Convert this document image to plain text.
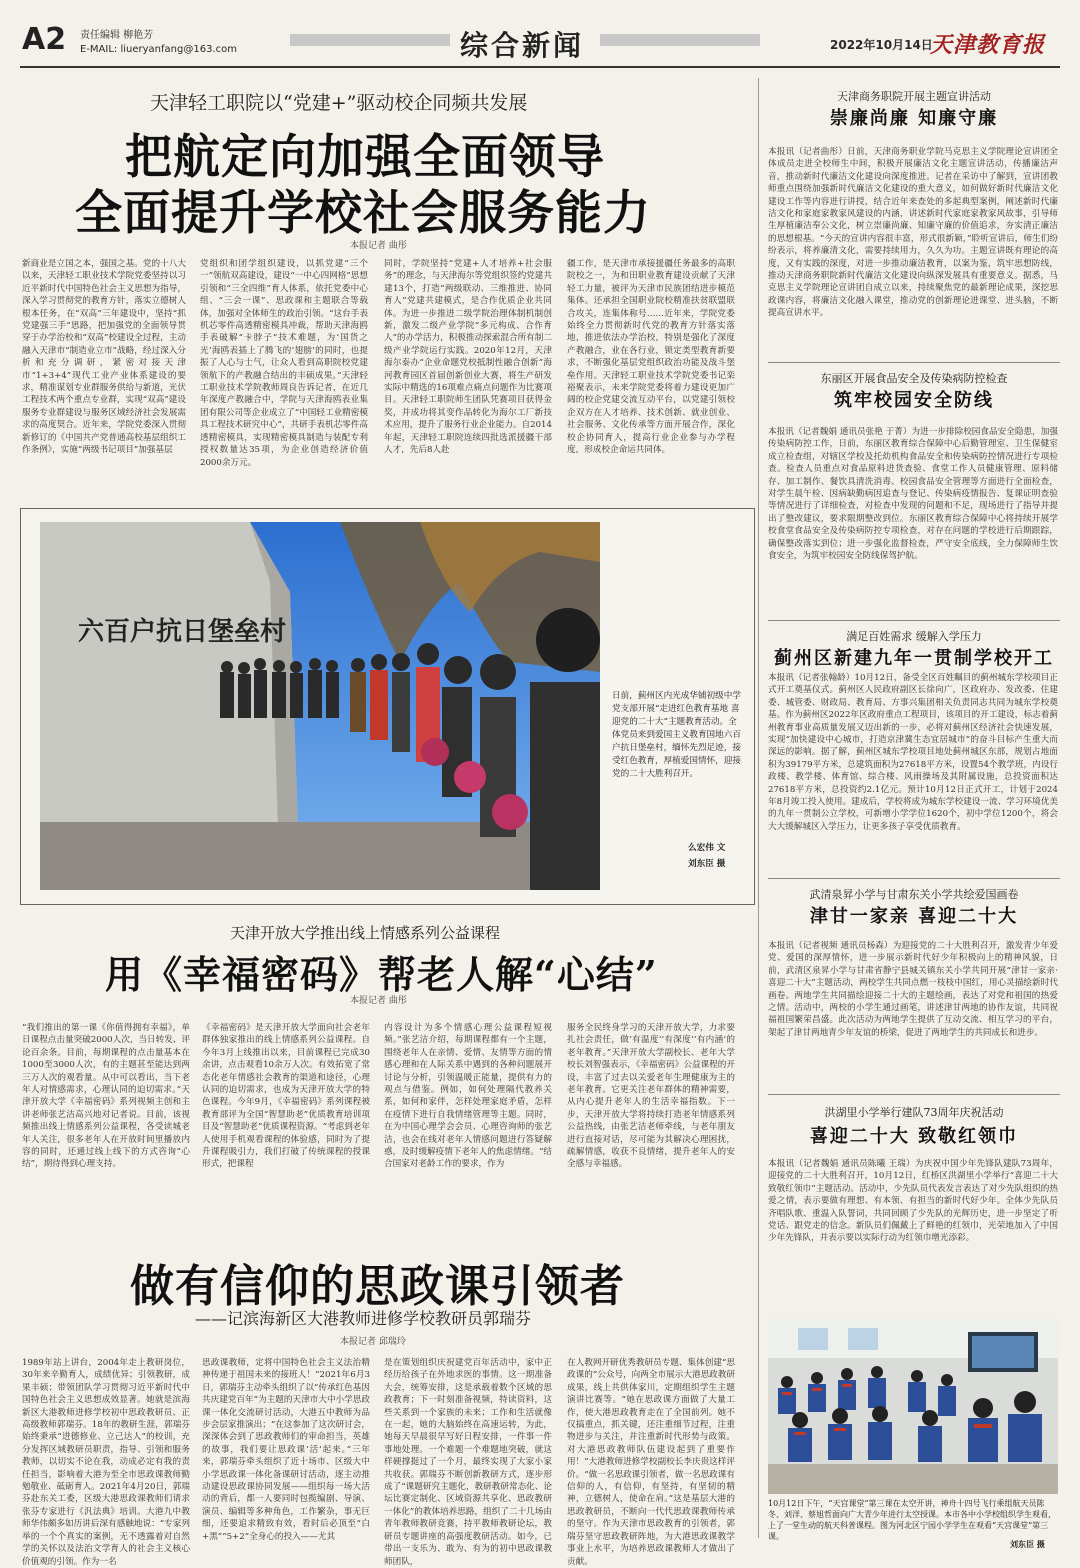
A2 责任编辑 柳艳芳
E-MAIL: liueryanfang@163.com	综合新闻	2022年10月14日
天津教育报
天津轻工职院以“党建+”驱动校企同频共发展
把航定向加强全面领导
全面提升学校社会服务能力
本报记者 曲彤

新商业是立国之本，强国之基。党的十八大以来，天津轻工职业技术学院党委坚持以习近平新时代中国特色社会主义思想为指导，深入学习贯彻党的教育方针，落实立德树人根本任务，在“双高”三年建设中，坚持“抓党建强三手”思路，把加强党的全面领导贯穿于办学治校和“双高”校建设全过程，主动融入天津市“制造业立市”战略，经过深入分析和充分调研，紧密对接天津市“1+3+4”现代工业产业体系建设的要求，精准谋划专业群服务供给与新道，光伏工程技术两个重点专业群，实现“双高”建设服务专业群建设与服务区域经济社会发展需求的高度契合。近年来，学院党委深入贯彻新修订的《中国共产党普通高校基层组织工作条例》，实施“两级书记项目”加强基层

党组织和团学组织建设，以抓党建“三个一”领航双高建设，建设“一中心四网格”思想引领和“三全四维”育人体系，依托党委中心组、“三会一课”、思政课和主题联合等载体，加强对全体师生的政治引领。“这台手表机芯零件高透精密模具冲裁，帮助天津海鸥手表破解“卡脖子”技术难题，为‘国货之光’海鸥表插上了腾飞的‘翅膀’的同时，也提振了人心与士气，让众人看到高职院校党建领航下的产教融合结出的丰硕成果。”天津轻工职业技术学院教师周良告诉记者，在近几年深度产教融合中，学院与天津海鸥表业集团有限公司等企业成立了“中国轻工业精密模具工程技术研究中心”，共研手表机芯零件高透精密模具，实现精密模具制造与装配专利授权数量达35项，为企业创造经济价值2000余万元。

同时，学院坚持“党建+人才培养+社会服务”的理念，与天津海尔等党组织签约党建共建13个，打造“两级联动、三维推进、协同育人”党建共建模式，是合作优质企业共同体。为进一步推进二级学院治理体制机制创新，激发二级产业学院“多元构成、合作育人”的办学活力，积极推动探索混合所有制二级产业学院运行实践。2020年12月，天津海尔泰办“企业命题党校抵制性融合创新”海河教育园区首届创新创业大赛，将生产研发实际中精选的16项难点痛点问题作为比赛项目。天津轻工职院师生团队凭赛项目获得金奖，并成功将其变作品转化为海尔工厂新技术应用，提升了服务行业企业能力。自2014年起，天津轻工职院连续四批选派援疆干部人才，先后8人赴

疆工作，是天津市承接援疆任务最多的高职院校之一，为和田职业教育建设贡献了天津轻工力量，被评为天津市民族团结进步模范集体。还承担全国职业院校精准扶贫联盟联合攻关，连集体称号……近年来，学院党委始终全力贯彻新时代党的教育方针落实落地，推进依法办学治校，特别是强化了深度产教融合，业在各行业，锁定类型教育新要求，不断强化基层党组织政治功能及战斗堡垒作用。天津轻工职业技术学院党委书记栾裕聚表示，未来学院党委将着力建设更加广阔的校企党建交流互动平台，以党建引领校企双方在人才培养、技术创新、就业创业、社会服务、文化传承等方面开展合作，深化校企协同育人，提高行业企业参与办学程度，形成校企命运共同体。

六百户抗日堡垒村
日前，蓟州区内光成华铺初级中学党支部开展“走进红色教育基地 喜迎党的二十大”主题教育活动。全体党员来到爱国主义教育国地六百户抗日堡垒村，缅怀先烈足迹，接受红色教育，厚植爱国情怀，迎接党的二十大胜利召开。
么宏伟 文
刘东臣 摄
天津开放大学推出线上情感系列公益课程
用《幸福密码》帮老人解“心结”
本报记者 曲彤

“我们推出的第一课《你值得拥有幸福》，单日课程点击量突破2000人次，当日转发、评论百余条。目前，每期课程的点击量基本在1000至3000人次，有的主题甚至能达到两三万人次的观看量。从中可以看出，当下老年人对情感需求，心理认同的迫切需求。”天津开放大学《幸福密码》系列视频主创和主讲老师张艺洁高兴地对记者说。目前，该视频推出线上情感系列公益课程，各受读城老年人关注，很多老年人在开放时间里播放内容的同时，还通过线上线下的方式咨询“心结”，期待得到心理支持。

《幸福密码》是天津开放大学面向社会老年群体独家推出的线上情感系列公益课程。自今年3月上线推出以来，目前课程已完成30余讲，点击观看10余万人次。有效拓宽了常态化老年情感社会教育的渠道和途径，心理认同的迫切需求，也成为天津开放大学的特色课程。今年9月，《幸福密码》系列课程被教育部评为全国“智慧助老”优质教育培训项目及“智慧助老”优质课程资源。“考虑到老年人使用手机观看课程的体验感，同时为了提升课程吸引力，我们打破了传统课程的授课形式，把课程

内容设计为多个情感心理公益课程短视频。”张艺洁介绍，每期课程都有一个主题，围绕老年人在亲情、爱情、友情等方面的情感心理和在人际关系中遇到的各种问题展开讨论与分析，引领温暖正能量，提供有力的观点与借鉴。例如，如何处理隔代教养关系，如何和家伴，怎样处理家庭矛盾，怎样在疫情下进行自我情绪管理等主题。同时，在为中国心理学会会员、心理咨询师的张艺洁，也会在线对老年人情感问题进行答疑解惑，及时缓解疫情下老年人的焦虑情绪。“结合国家对老龄工作的要求，作为

服务全民终身学习的天津开放大学，力求要扎社会责任，做‘有温度’‘有深度’‘有内涵’的老年教育。”天津开放大学副校长、老年大学校长刘智强表示，《幸福密码》公益课程的开设，丰富了过去以关爱老年生理健康为主的老年教育。它更关注老年群体的精神需要，从内心提升老年人的生活幸福指数。下一步，天津开放大学将持续打造老年情感系列公益热线，由张艺洁老师牵线，与老年朋友进行直接对话，尽可能为其解决心理困扰，疏解情感，收获不良情绪，提升老年人的安全感与幸福感。

做有信仰的思政课引领者
——记滨海新区大港教师进修学校教研员郭瑞芬
本报记者 邱瑞玲

1989年站上讲台，2004年走上教研岗位，30年来辛勤育人，成绩优异；引领教研，成果丰硕；带领团队学习贯彻习近平新时代中国特色社会主义思想成效显著。她就是滨海新区大港教师进修学校初中思政教研员、正高级教师郭瑞芬。18年的教研生涯，郭瑞芬始终秉承“进德修业、立己达人”的校训，充分发挥区域教研员职责，指导、引领和服务教师，以切实不论在我，动成必定有我的责任担当，影响着大港为至全市思政课教师勤勉敬业、砥砺育人。2021年4月20日，郭瑞芬赴东关工委，区级大港思政课教师们请求张芬专家进行《汎法典》培训。大港九中教师华伟颇多如历讲后深有感触地说：“专家列举的一个个真实的案例，无不透露着对自然学的关怀以及法治文学育人的社会主义核心价值观的引领。作为一名

思政课教师，定将中国特色社会主义法治精神传递于祖国未来的接班人！”2021年6月3日，郭瑞芬主动牵头组织了以“传承红色基因 共庆建党百年”为主题的天津市大中小学思政课一体化交流研讨活动，大港五中教师为品步会层家推演出；“在这参加了这次研讨会，深深体会到了思政教师们的审命担当，英雄的故事，我们要让思政课‘活’起来。”三年来，郭瑞芬牵头组织了近十场市、区级大中小学思政课一体化备课研讨活动，逐主动推动建设思政课协同发展——组织每一场大活动的背后，都一人要同时包揽编剧、导演、演员、编辑等多种角色，工作繁杂，事无巨细，还要追求精致有效，看时后必顶至“白+黑”“5+2”全身心的投入——尤其

是在策划组织庆祝建党百年活动中，家中正经历给孩子在外地求医的事情。这一期准备大会，统筹安排，这是承载着数个区域的思政教育；下一时刻准备视频，特读资料，这些关系到一个家族的未来；工作和生活就像在一起，她的大脑始终在高速运转，为此，她每天早晨很早写好日程安排，一件事一件事地处理。一个难题一个难题地突破，就这样硬撑挺过了一个月，最终实现了大家小家共收获。郭瑞芬不断创新教研方式，逐步形成了“课题研究主题化，教研教研常态化、论坛比赛定制化、区域资源共享化、思政教研一体化”的教体培养思路，组织了二十几场由青年教师教研竞赛，持平教师教研论坛，教研员专题讲座的高强度教研活动。如今，已带出一支乐为、敢为、有为的初中思政课教师团队，

在人教网开研优秀教研员专题、集体创建“思政课的”公众号，向两全市展示大港思政教研成果，线上共供体家川，定期组织学生主题演讲比赛等。“她在思政课方面做了大量工作，使大港思政教育走在了全国前列。她不仅搞重点，抓关键，还注重细节过程，注重物进步与关注，并注重新时代形势与政策。对大港思政教师队伍建设起到了重要作用！”大港教师进修学校副校长李庆贵这样评价。“做一名思政课引领者，做一名思政课有信仰的人，有信仰，有坚持，有坚韧的精神，立德树人，使命在肩。”这是基层大港的思政教研员，不断向一代代思政课教师传承的坚守。作为天津市思政教育的引领者，郭瑞芬坚守思政教研阵地，为大港思政课教学事业上水平，为培养思政课教师人才做出了贡献。

天津商务职院开展主题宣讲活动
崇廉尚廉 知廉守廉

本报讯（记者曲彤）日前，天津商务职业学院马克思主义学院理论宣讲团全体成员走进全校师生中间，积极开展廉洁文化主题宣讲活动，传播廉洁声音，推动新时代廉洁文化建设向深度推进。记者在采访中了解到，宣讲团教师重点围绕加强新时代廉洁文化建设的重大意义，如何做好新时代廉洁文化建设工作等内容进行讲授，结合近年来查处的多起典型案例，阐述新时代廉洁文化和家庭家教家风建设的内涵，讲述新时代家庭家教家风故事，引导师生厚植廉洁奉公文化，树立崇廉尚廉、知廉守廉的价值追求，夯实清正廉洁的思想根基。“今天的宣讲内容很丰富，形式很新颖，”聆听宣讲后，师生们纷纷表示，将养廉清文化，需要持续用力，久久为功。主题宣讲既有理论的高度，又有实践的深度，对进一步推动廉洁教育，以案为鉴，筑牢思想防线，推动天津商务职院新时代廉洁文化建设向纵深发展具有重要意义。据悉，马克思主义学院理论宣讲团自成立以来，持续聚焦党的最新理论成果，深挖思政课内容，将廉洁文化融入课堂，推动党的创新理论进课堂、进头脑，不断提高宣讲水平。

东丽区开展食品安全及传染病防控检查
筑牢校园安全防线

本报讯（记者魏娟 通讯员张艳 于菁）为进一步排除校园食品安全隐患，加强传染病防控工作，日前，东丽区教育综合保障中心后勤管理室、卫生保健室成立检查组，对辖区学校及托幼机构食品安全和传染病防控情况进行专项检查。检查人员重点对食品原料进货查验、食堂工作人员健康管理、原料储存、加工制作、餐饮具清洗消毒、校园食品安全管理等方面进行全面检查，对学生晨午检、因病缺勤病因追查与登记、传染病疫情报告、复课证明查验等情况进行了详细检查，对检查中发现的问题和不足，现场进行了指导并提出了整改建议，要求限期整改到位。东丽区教育综合保障中心将持续开展学校食堂食品安全及传染病防控专项检查，对存在问题的学校进行后期跟踪，确保整改落实到位；进一步强化监督检查，严守安全底线，全力保障师生饮食安全，为筑牢校园安全防线保驾护航。

满足百姓需求 缓解入学压力
蓟州区新建九年一贯制学校开工

本报讯（记者张翰龄）10月12日，备受全区百姓瞩目的蓟州城东学校项目正式开工奠基仪式。蓟州区人民政府副区长徐向广，区政府办、发改委、住建委、城管委、财政局、教育局、方事兴集团相关负责同志共同为城东学校奠基。作为蓟州区2022年区政府重点工程项目，该项目的开工建设，标志着蓟州教育事业高质量发展又迈出新的一步，必将对蓟州区经济社会快速发展，实现“加快建设中心城市，打造京津冀生态宜居城市”的奋斗目标产生重大而深远的影响。据了解，蓟州区城东学校项目地处蓟州城区东部，规划占地面积为39179平方米，总建筑面积为27618平方米，设置54个教学班，内设行政楼、教学楼、体育馆、综合楼、风雨操场及其附属设施，总投资面积达27618平方米，总投资约2.1亿元。预计10月12日正式开工，计划于2024年8月竣工投入使用。建成后，学校将成为城东学校建设一流、学习环境优美的九年一贯制公立学校，可新增小学学位1620个，初中学位1200个，将会大大缓解城区入学压力，让更多孩子享受优质教育。

武清泉昇小学与甘肃东关小学共绘爱国画卷
津甘一家亲 喜迎二十大

本报讯（记者视频 通讯员杨森）为迎接党的二十大胜利召开，激发青少年爱党、爱国的深厚情怀，进一步展示新时代好少年积极向上的精神风貌，日前，武清区泉昇小学与甘肃省静宁县城关镇东关小学共同开展“津甘一家亲·喜迎二十大”主题活动，两校学生共同点燃一枝枝中国红，用心灵描绘新时代画卷。两地学生共同描绘迎接二十大的主题绘画，表达了对党和祖国的热爱之情。活动中，两校的小学生通过画笔，讲述津甘两地的协作友谊，共同祝福祖国繁荣昌盛。此次活动为两地学生提供了互动交流、相互学习的平台，架起了津甘两地青少年友谊的桥梁，促进了两地学生的共同成长和进步。

洪湖里小学举行建队73周年庆祝活动
喜迎二十大 致敬红领巾

本报讯（记者魏娟 通讯员陈曦 王瑞）为庆祝中国少年先锋队建队73周年，迎接党的二十大胜利召开，10月12日，红桥区洪湖里小学举行“喜迎二十大 致敬红领巾”主题活动。活动中，少先队员代表发言表达了对少先队组织的热爱之情，表示要做有理想、有本领、有担当的新时代好少年。全体少先队员齐唱队歌、重温入队誓词，共同回顾了少先队的光辉历史，进一步坚定了听党话、跟党走的信念。新队员们佩戴上了鲜艳的红领巾，光荣地加入了中国少年先锋队，并表示要以实际行动为红领巾增光添彩。

10月12日下午，“天宫课堂”第三课在太空开讲，神舟十四号飞行乘组航天员陈冬、刘洋、蔡旭哲面向广大青少年进行太空授课。本市各中小学校组织学生观看，上了一堂生动的航天科普课程。图为河北区宁园小学学生在观看“天宫课堂”第三课。
刘东臣 摄
